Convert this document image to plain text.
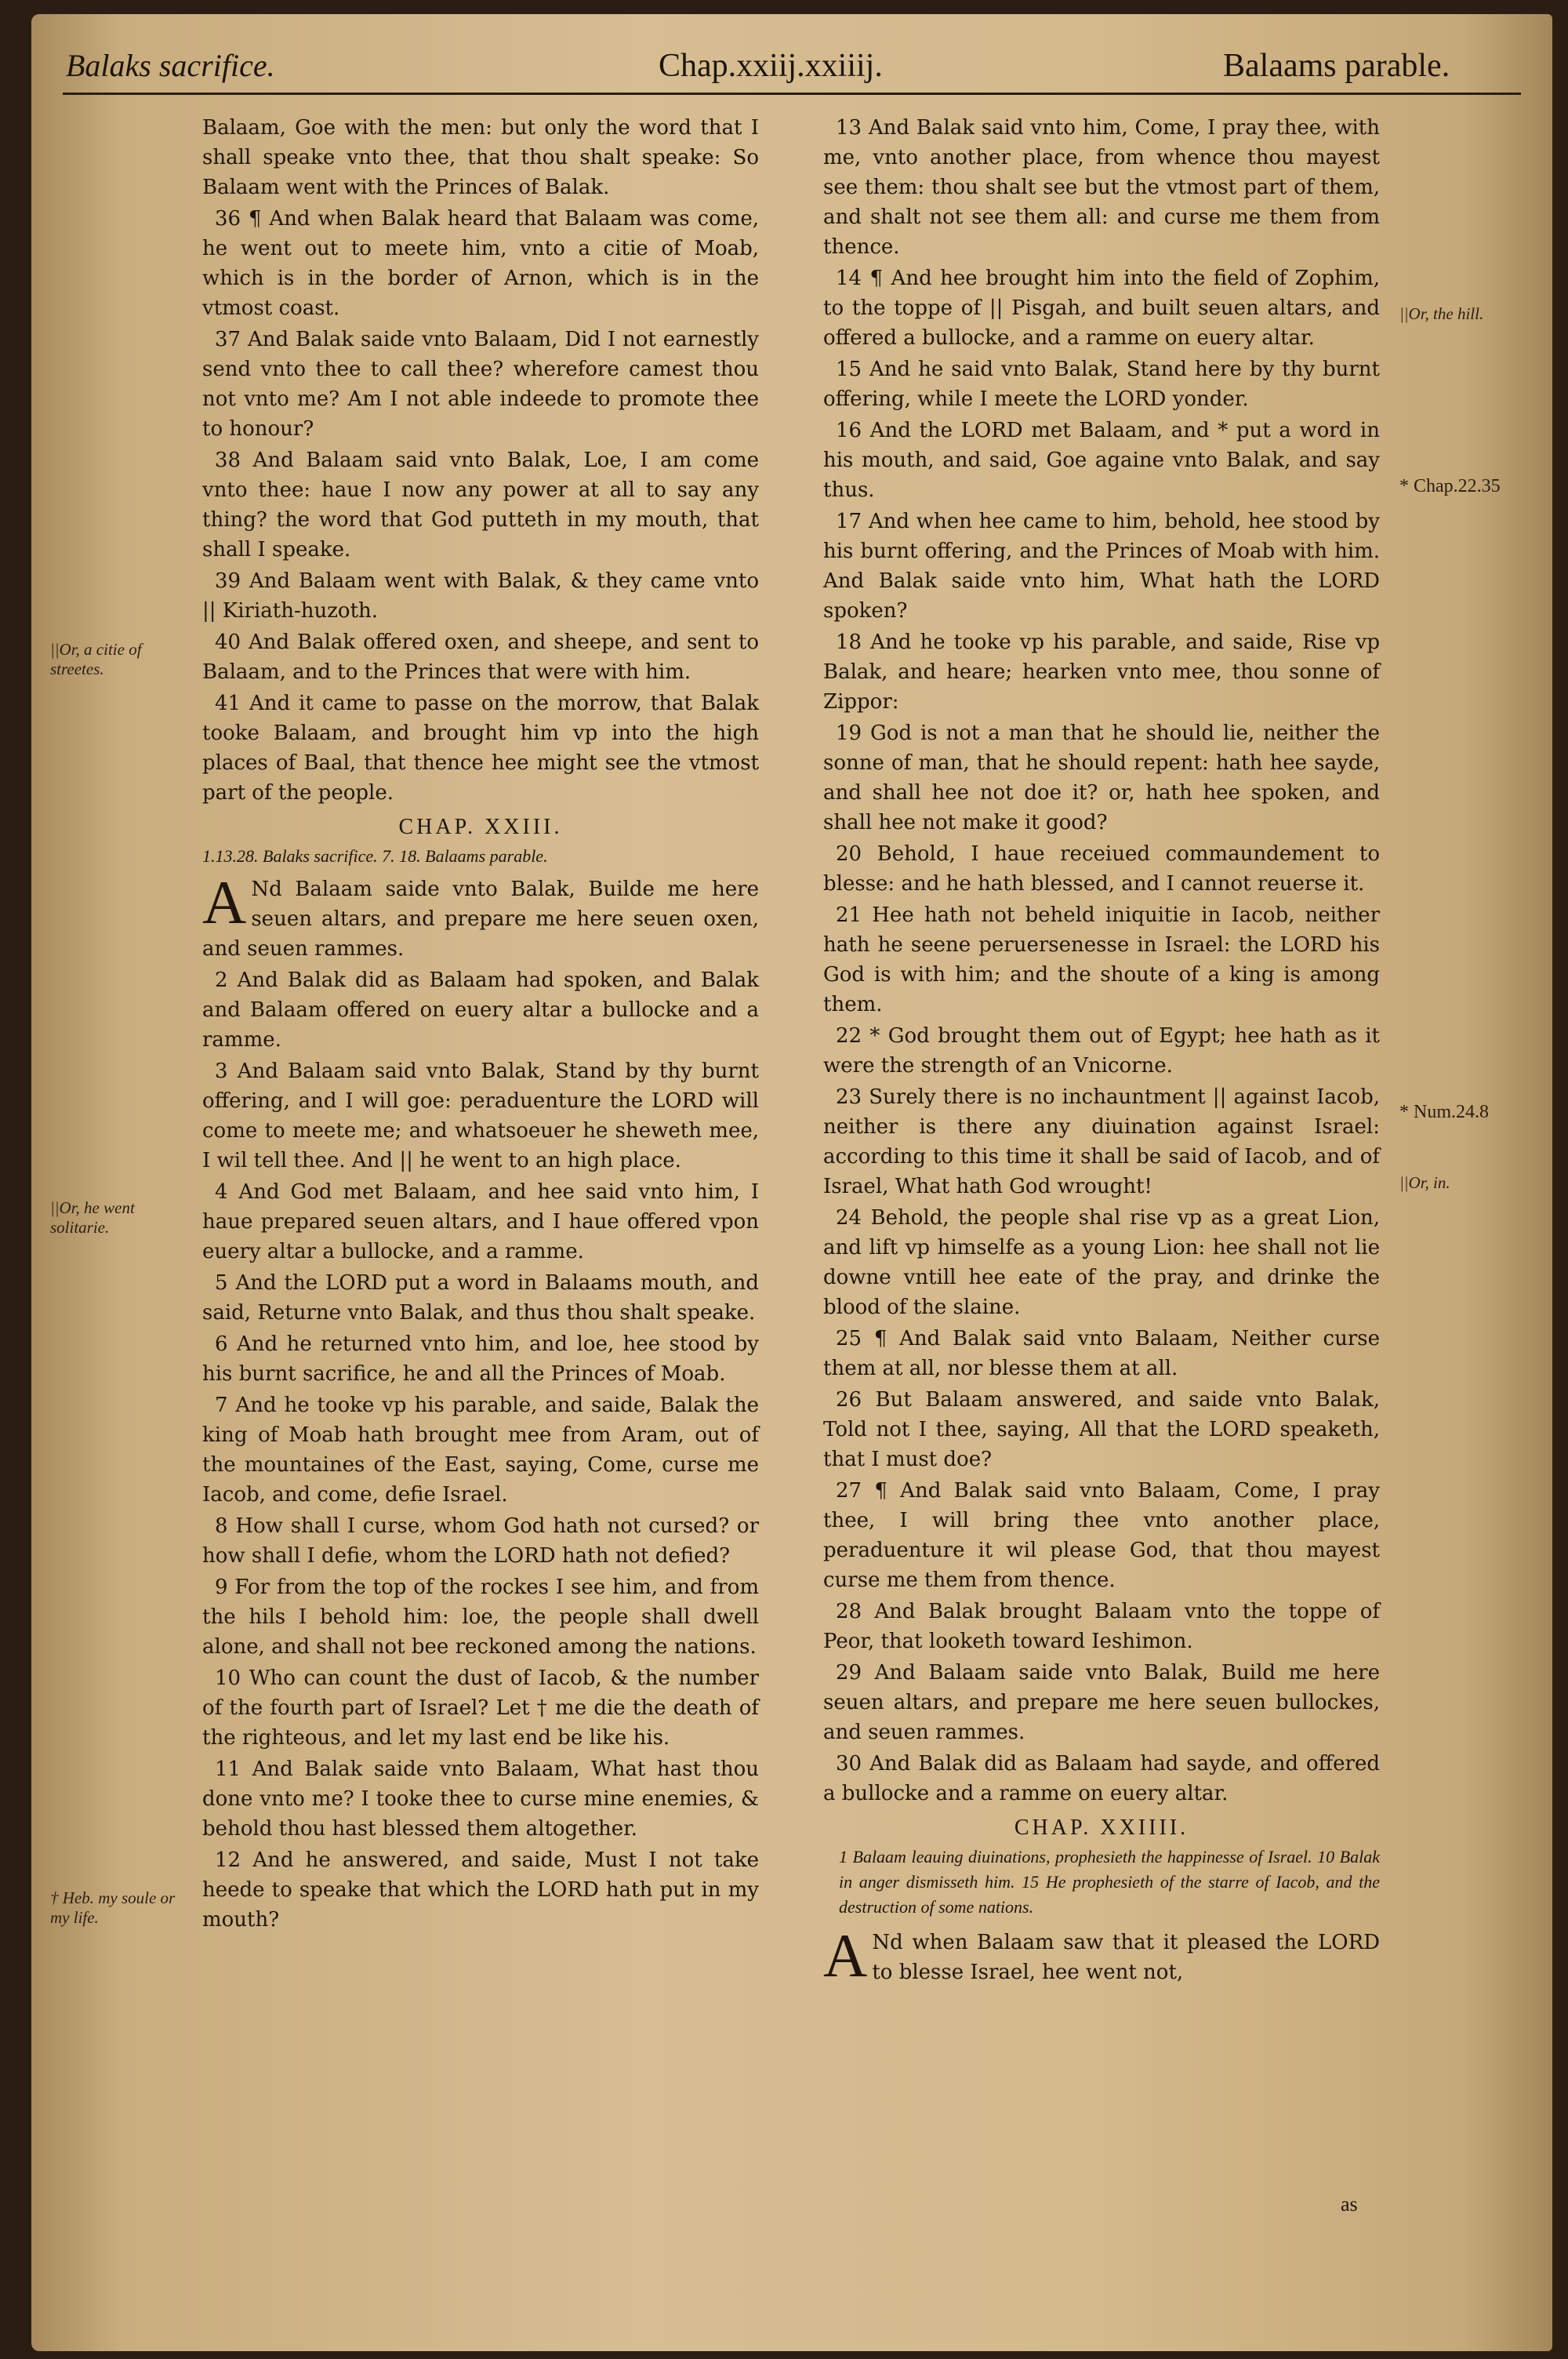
Balaks sacrifice.	Chap.xxiij.xxiiij.	Balaams parable.

Balaam, Goe with the men: but only the word that I shall speake vnto thee, that thou shalt speake: So Balaam went with the Princes of Balak.

36 ¶ And when Balak heard that Balaam was come, he went out to meete him, vnto a citie of Moab, which is in the border of Arnon, which is in the vtmost coast.

37 And Balak saide vnto Balaam, Did I not earnestly send vnto thee to call thee? wherefore camest thou not vnto me? Am I not able indeede to promote thee to honour?

38 And Balaam said vnto Balak, Loe, I am come vnto thee: haue I now any power at all to say any thing? the word that God putteth in my mouth, that shall I speake.

39 And Balaam went with Balak, & they came vnto || Kiriath-huzoth.

40 And Balak offered oxen, and sheepe, and sent to Balaam, and to the Princes that were with him.

41 And it came to passe on the morrow, that Balak tooke Balaam, and brought him vp into the high places of Baal, that thence hee might see the vtmost part of the people.

CHAP. XXIII.
1.13.28. Balaks sacrifice. 7. 18. Balaams parable.

A Nd Balaam saide vnto Balak, Builde me here seuen altars, and prepare me here seuen oxen, and seuen rammes.

2 And Balak did as Balaam had spoken, and Balak and Balaam offered on euery altar a bullocke and a ramme.

3 And Balaam said vnto Balak, Stand by thy burnt offering, and I will goe: peraduenture the LORD will come to meete me; and whatsoeuer he sheweth mee, I wil tell thee. And || he went to an high place.

4 And God met Balaam, and hee said vnto him, I haue prepared seuen altars, and I haue offered vpon euery altar a bullocke, and a ramme.

5 And the LORD put a word in Balaams mouth, and said, Returne vnto Balak, and thus thou shalt speake.

6 And he returned vnto him, and loe, hee stood by his burnt sacrifice, he and all the Princes of Moab.

7 And he tooke vp his parable, and saide, Balak the king of Moab hath brought mee from Aram, out of the mountaines of the East, saying, Come, curse me Iacob, and come, defie Israel.

8 How shall I curse, whom God hath not cursed? or how shall I defie, whom the LORD hath not defied?

9 For from the top of the rockes I see him, and from the hils I behold him: loe, the people shall dwell alone, and shall not bee reckoned among the nations.

10 Who can count the dust of Iacob, & the number of the fourth part of Israel? Let † me die the death of the righteous, and let my last end be like his.

11 And Balak saide vnto Balaam, What hast thou done vnto me? I tooke thee to curse mine enemies, & behold thou hast blessed them altogether.

12 And he answered, and saide, Must I not take heede to speake that which the LORD hath put in my mouth?

13 And Balak said vnto him, Come, I pray thee, with me, vnto another place, from whence thou mayest see them: thou shalt see but the vtmost part of them, and shalt not see them all: and curse me them from thence.

14 ¶ And hee brought him into the field of Zophim, to the toppe of || Pisgah, and built seuen altars, and offered a bullocke, and a ramme on euery altar.

15 And he said vnto Balak, Stand here by thy burnt offering, while I meete the LORD yonder.

16 And the LORD met Balaam, and * put a word in his mouth, and said, Goe againe vnto Balak, and say thus.

17 And when hee came to him, behold, hee stood by his burnt offering, and the Princes of Moab with him. And Balak saide vnto him, What hath the LORD spoken?

18 And he tooke vp his parable, and saide, Rise vp Balak, and heare; hearken vnto mee, thou sonne of Zippor:

19 God is not a man that he should lie, neither the sonne of man, that he should repent: hath hee sayde, and shall hee not doe it? or, hath hee spoken, and shall hee not make it good?

20 Behold, I haue receiued commaundement to blesse: and he hath blessed, and I cannot reuerse it.

21 Hee hath not beheld iniquitie in Iacob, neither hath he seene peruersenesse in Israel: the LORD his God is with him; and the shoute of a king is among them.

22 * God brought them out of Egypt; hee hath as it were the strength of an Vnicorne.

23 Surely there is no inchauntment || against Iacob, neither is there any diuination against Israel: according to this time it shall be said of Iacob, and of Israel, What hath God wrought!

24 Behold, the people shal rise vp as a great Lion, and lift vp himselfe as a young Lion: hee shall not lie downe vntill hee eate of the pray, and drinke the blood of the slaine.

25 ¶ And Balak said vnto Balaam, Neither curse them at all, nor blesse them at all.

26 But Balaam answered, and saide vnto Balak, Told not I thee, saying, All that the LORD speaketh, that I must doe?

27 ¶ And Balak said vnto Balaam, Come, I pray thee, I will bring thee vnto another place, peraduenture it wil please God, that thou mayest curse me them from thence.

28 And Balak brought Balaam vnto the toppe of Peor, that looketh toward Ieshimon.

29 And Balaam saide vnto Balak, Build me here seuen altars, and prepare me here seuen bullockes, and seuen rammes.

30 And Balak did as Balaam had sayde, and offered a bullocke and a ramme on euery altar.

CHAP. XXIIII.
1 Balaam leauing diuinations, prophesieth the happinesse of Israel. 10 Balak in anger dismisseth him. 15 He prophesieth of the starre of Iacob, and the destruction of some nations.

A Nd when Balaam saw that it pleased the LORD to blesse Israel, hee went not,

as
||Or, a citie of streetes.
||Or, he went solitarie.
† Heb. my soule or my life.
||Or, the hill.
* Chap.22.35
* Num.24.8
||Or, in.
